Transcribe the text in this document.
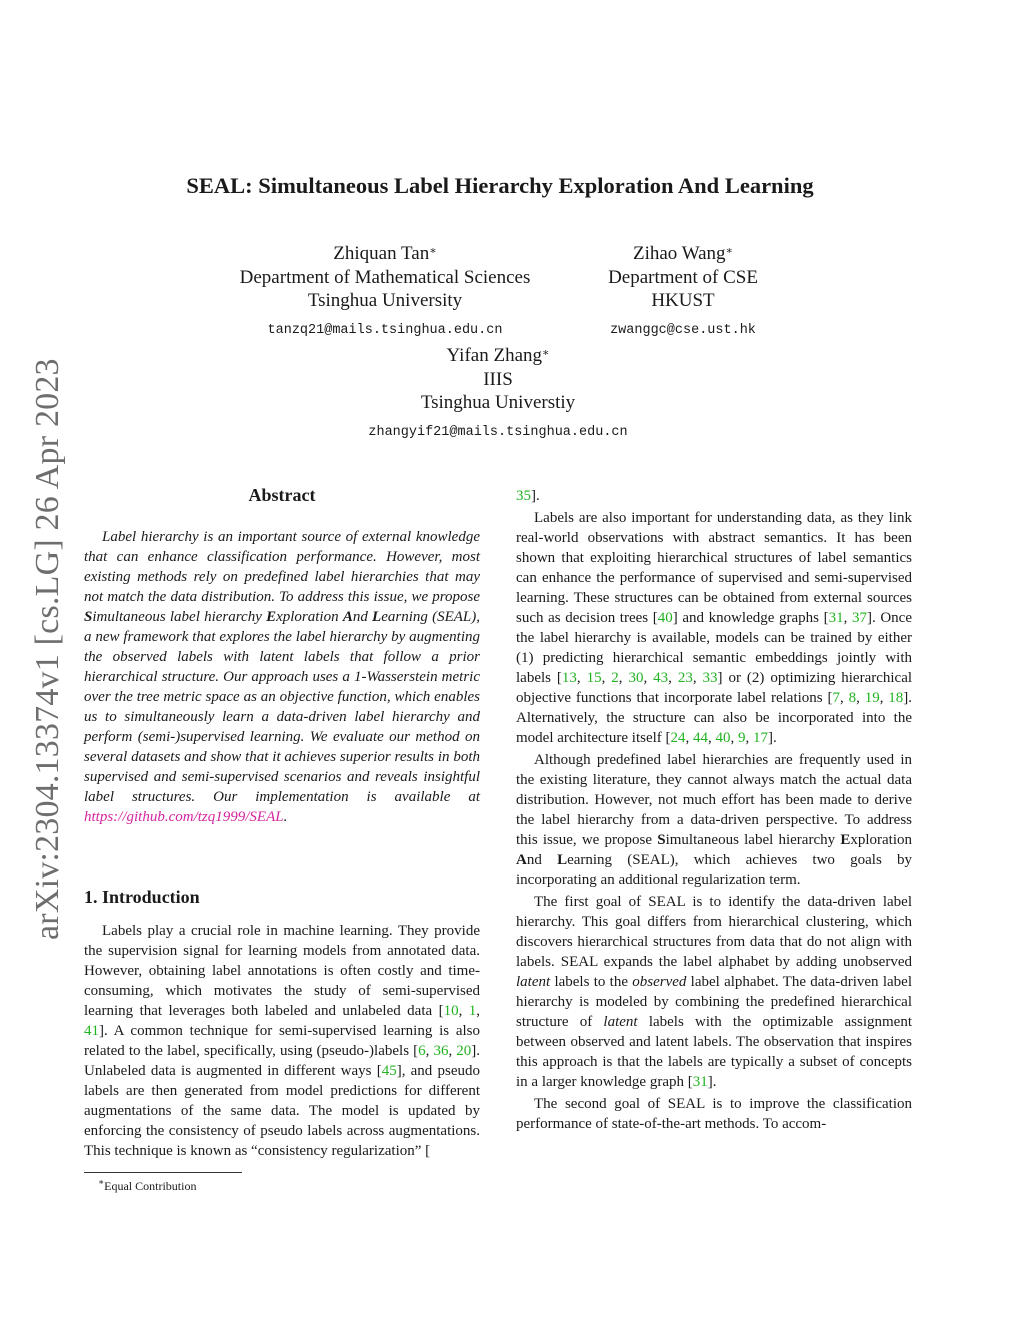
arXiv:2304.13374v1 [cs.LG] 26 Apr 2023
SEAL: Simultaneous Label Hierarchy Exploration And Learning
Zhiquan Tan∗
Department of Mathematical Sciences
Tsinghua University
tanzq21@mails.tsinghua.edu.cn
Zihao Wang∗
Department of CSE
HKUST
zwanggc@cse.ust.hk
Yifan Zhang∗
IIIS
Tsinghua Universtiy
zhangyif21@mails.tsinghua.edu.cn
Abstract

Label hierarchy is an important source of external knowledge that can enhance classification performance. However, most existing methods rely on predefined label hierarchies that may not match the data distribution. To address this issue, we propose Simultaneous label hierarchy Exploration And Learning (SEAL), a new framework that explores the label hierarchy by augmenting the observed labels with latent labels that follow a prior hierarchical structure. Our approach uses a 1-Wasserstein metric over the tree metric space as an objective function, which enables us to simultaneously learn a data-driven label hierarchy and perform (semi-)supervised learning. We evaluate our method on several datasets and show that it achieves superior results in both supervised and semi-supervised scenarios and reveals insightful label structures. Our implementation is available at https://github.com/tzq1999/SEAL.

1. Introduction

Labels play a crucial role in machine learning. They provide the supervision signal for learning models from annotated data. However, obtaining label annotations is often costly and time-consuming, which motivates the study of semi-supervised learning that leverages both labeled and unlabeled data [10, 1, 41]. A common technique for semi-supervised learning is also related to the label, specifically, using (pseudo-)labels [6, 36, 20]. Unlabeled data is augmented in different ways [45], and pseudo labels are then generated from model predictions for different augmentations of the same data. The model is updated by enforcing the consistency of pseudo labels across augmentations. This technique is known as “consistency regularization” [

35].

Labels are also important for understanding data, as they link real-world observations with abstract semantics. It has been shown that exploiting hierarchical structures of label semantics can enhance the performance of supervised and semi-supervised learning. These structures can be obtained from external sources such as decision trees [40] and knowledge graphs [31, 37]. Once the label hierarchy is available, models can be trained by either (1) predicting hierarchical semantic embeddings jointly with labels [13, 15, 2, 30, 43, 23, 33] or (2) optimizing hierarchical objective functions that incorporate label relations [7, 8, 19, 18]. Alternatively, the structure can also be incorporated into the model architecture itself [24, 44, 40, 9, 17].

Although predefined label hierarchies are frequently used in the existing literature, they cannot always match the actual data distribution. However, not much effort has been made to derive the label hierarchy from a data-driven perspective. To address this issue, we propose Simultaneous label hierarchy Exploration And Learning (SEAL), which achieves two goals by incorporating an additional regularization term.

The first goal of SEAL is to identify the data-driven label hierarchy. This goal differs from hierarchical clustering, which discovers hierarchical structures from data that do not align with labels. SEAL expands the label alphabet by adding unobserved latent labels to the observed label alphabet. The data-driven label hierarchy is modeled by combining the predefined hierarchical structure of latent labels with the optimizable assignment between observed and latent labels. The observation that inspires this approach is that the labels are typically a subset of concepts in a larger knowledge graph [31].

The second goal of SEAL is to improve the classification performance of state-of-the-art methods. To accom-

∗Equal Contribution
